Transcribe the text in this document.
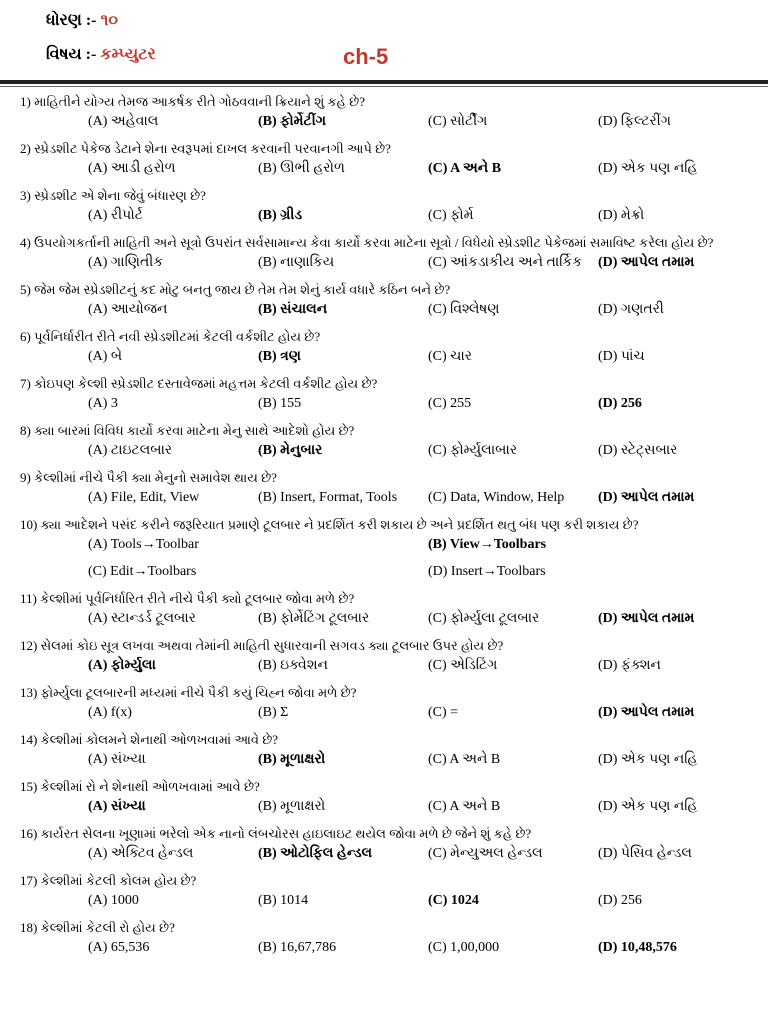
ધોરણ :- ૧૦
વિષય :- કમ્પ્યુટર	ch-5
1) માહિતીને યોગ્ય તેમજ આકર્ષક રીતે ગોઠવવાની ક્રિયાને શું કહે છે?
(A) અહેવાલ	(B) ફોર્મેટીંગ	(C) સોર્ટીંગ	(D) ફિલ્ટરીંગ
2) સ્પ્રેડશીટ પેકેજ ડેટાને શેના સ્વરૂપમાં દાખલ કરવાની પરવાનગી આપે છે?
(A) આડી હરોળ	(B) ઊભી હરોળ	(C) A અને B	(D) એક પણ નહિ
3) સ્પ્રેડશીટ એ શેના જેવું બંધારણ છે?
(A) રીપોર્ટ	(B) ગ્રીડ	(C) ફોર્મ	(D) મેક્રો
4) ઉપયોગકર્તાની માહિતી અને સૂત્રો ઉપરાંત સર્વસામાન્ય કેવા કાર્યો કરવા માટેના સૂત્રો / વિધેયો સ્પ્રેડશીટ પેકેજમાં સમાવિષ્ટ કરેલા હોય છે?
(A) ગાણિતીક	(B) નાણાકિય	(C) આંકડાકીય અને તાર્કિક (D) આપેલ તમામ
5) જેમ જેમ સ્પ્રેડશીટનું કદ મોટુ બનતુ જાય છે તેમ તેમ શેનું કાર્ય વધારે કઠિન બને છે?
(A) આયોજન	(B) સંચાલન	(C) વિશ્લેષણ	(D) ગણતરી
6) પૂર્વનિર્ધારીત રીતે નવી સ્પ્રેડશીટમાં કેટલી વર્કશીટ હોય છે?
(A) બે	(B) ત્રણ	(C) ચાર	(D) પાંચ
7) કોઇપણ કેલ્શી સ્પ્રેડશીટ દસ્તાવેજમાં મહત્તમ કેટલી વર્કશીટ હોય છે?
(A) 3	(B) 155	(C) 255	(D) 256
8) ક્યા બારમાં વિવિધ કાર્યો કરવા માટેના મેનુ સાથે આદેશો હોય છે?
(A) ટાઇટલબાર	(B) મેનુબાર	(C) ફોર્મ્યુલાબાર	(D) સ્ટેટ્સબાર
9) કેલ્શીમાં નીચે પૈકી ક્યા મેનુનો સમાવેશ થાય છે?
(A) File, Edit, View	(B) Insert, Format, Tools (C) Data, Window, Help (D) આપેલ તમામ
10) ક્યા આદેશને પસંદ કરીને જરૂરિયાત પ્રમાણે ટૂલબાર ને પ્રદર્શિત કરી શકાય છે અને પ્રદર્શિત થતુ બંધ પણ કરી શકાય છે?
(A) Tools→Toolbar	(B) View→Toolbars
(C) Edit→Toolbars	(D) Insert→Toolbars
11) કેલ્શીમાં પૂર્વનિર્ધારિત રીતે નીચે પૈકી ક્યો ટૂલબાર જોવા મળે છે?
(A) સ્ટાન્ડર્ડ ટૂલબાર	(B) ફોર્મેટિંગ ટૂલબાર	(C) ફોર્મ્યુલા ટૂલબાર	(D) આપેલ તમામ
12) સેલમાં કોઇ સૂત્ર લખવા અથવા તેમાંની માહિતી સુધારવાની સગવડ ક્યા ટૂલબાર ઉપર હોય છે?
(A) ફોર્મ્યુલા	(B) ઇક્વેશન	(C) એડિટિંગ	(D) ફંક્શન
13) ફોર્મ્યુલા ટૂલબારની મધ્યમાં નીચે પૈકી કયું ચિહ્ન જોવા મળે છે?
(A) f(x)	(B) Σ	(C) =	(D) આપેલ તમામ
14) કેલ્શીમાં કોલમને શેનાથી ઓળખવામાં આવે છે?
(A) સંખ્યા	(B) મૂળાક્ષરો	(C) A અને B	(D) એક પણ નહિ
15) કેલ્શીમાં રો ને શેનાથી ઓળખવામાં આવે છે?
(A) સંખ્યા	(B) મૂળાક્ષરો	(C) A અને B	(D) એક પણ નહિ
16) કાર્યરત સેલના ખૂણામાં ભરેલો એક નાનો લંબચોરસ હાઇલાઇટ થયેલ જોવા મળે છે જેને શું કહે છે?
(A) એક્ટિવ હેન્ડલ	(B) ઓટોફિલ હેન્ડલ	(C) મેન્યુઅલ હેન્ડલ	(D) પેસિવ હેન્ડલ
17) કેલ્શીમાં કેટલી કોલમ હોય છે?
(A) 1000	(B) 1014	(C) 1024	(D) 256
18) કેલ્શીમાં કેટલી રો હોય છે?
(A) 65,536	(B) 16,67,786	(C) 1,00,000	(D) 10,48,576
